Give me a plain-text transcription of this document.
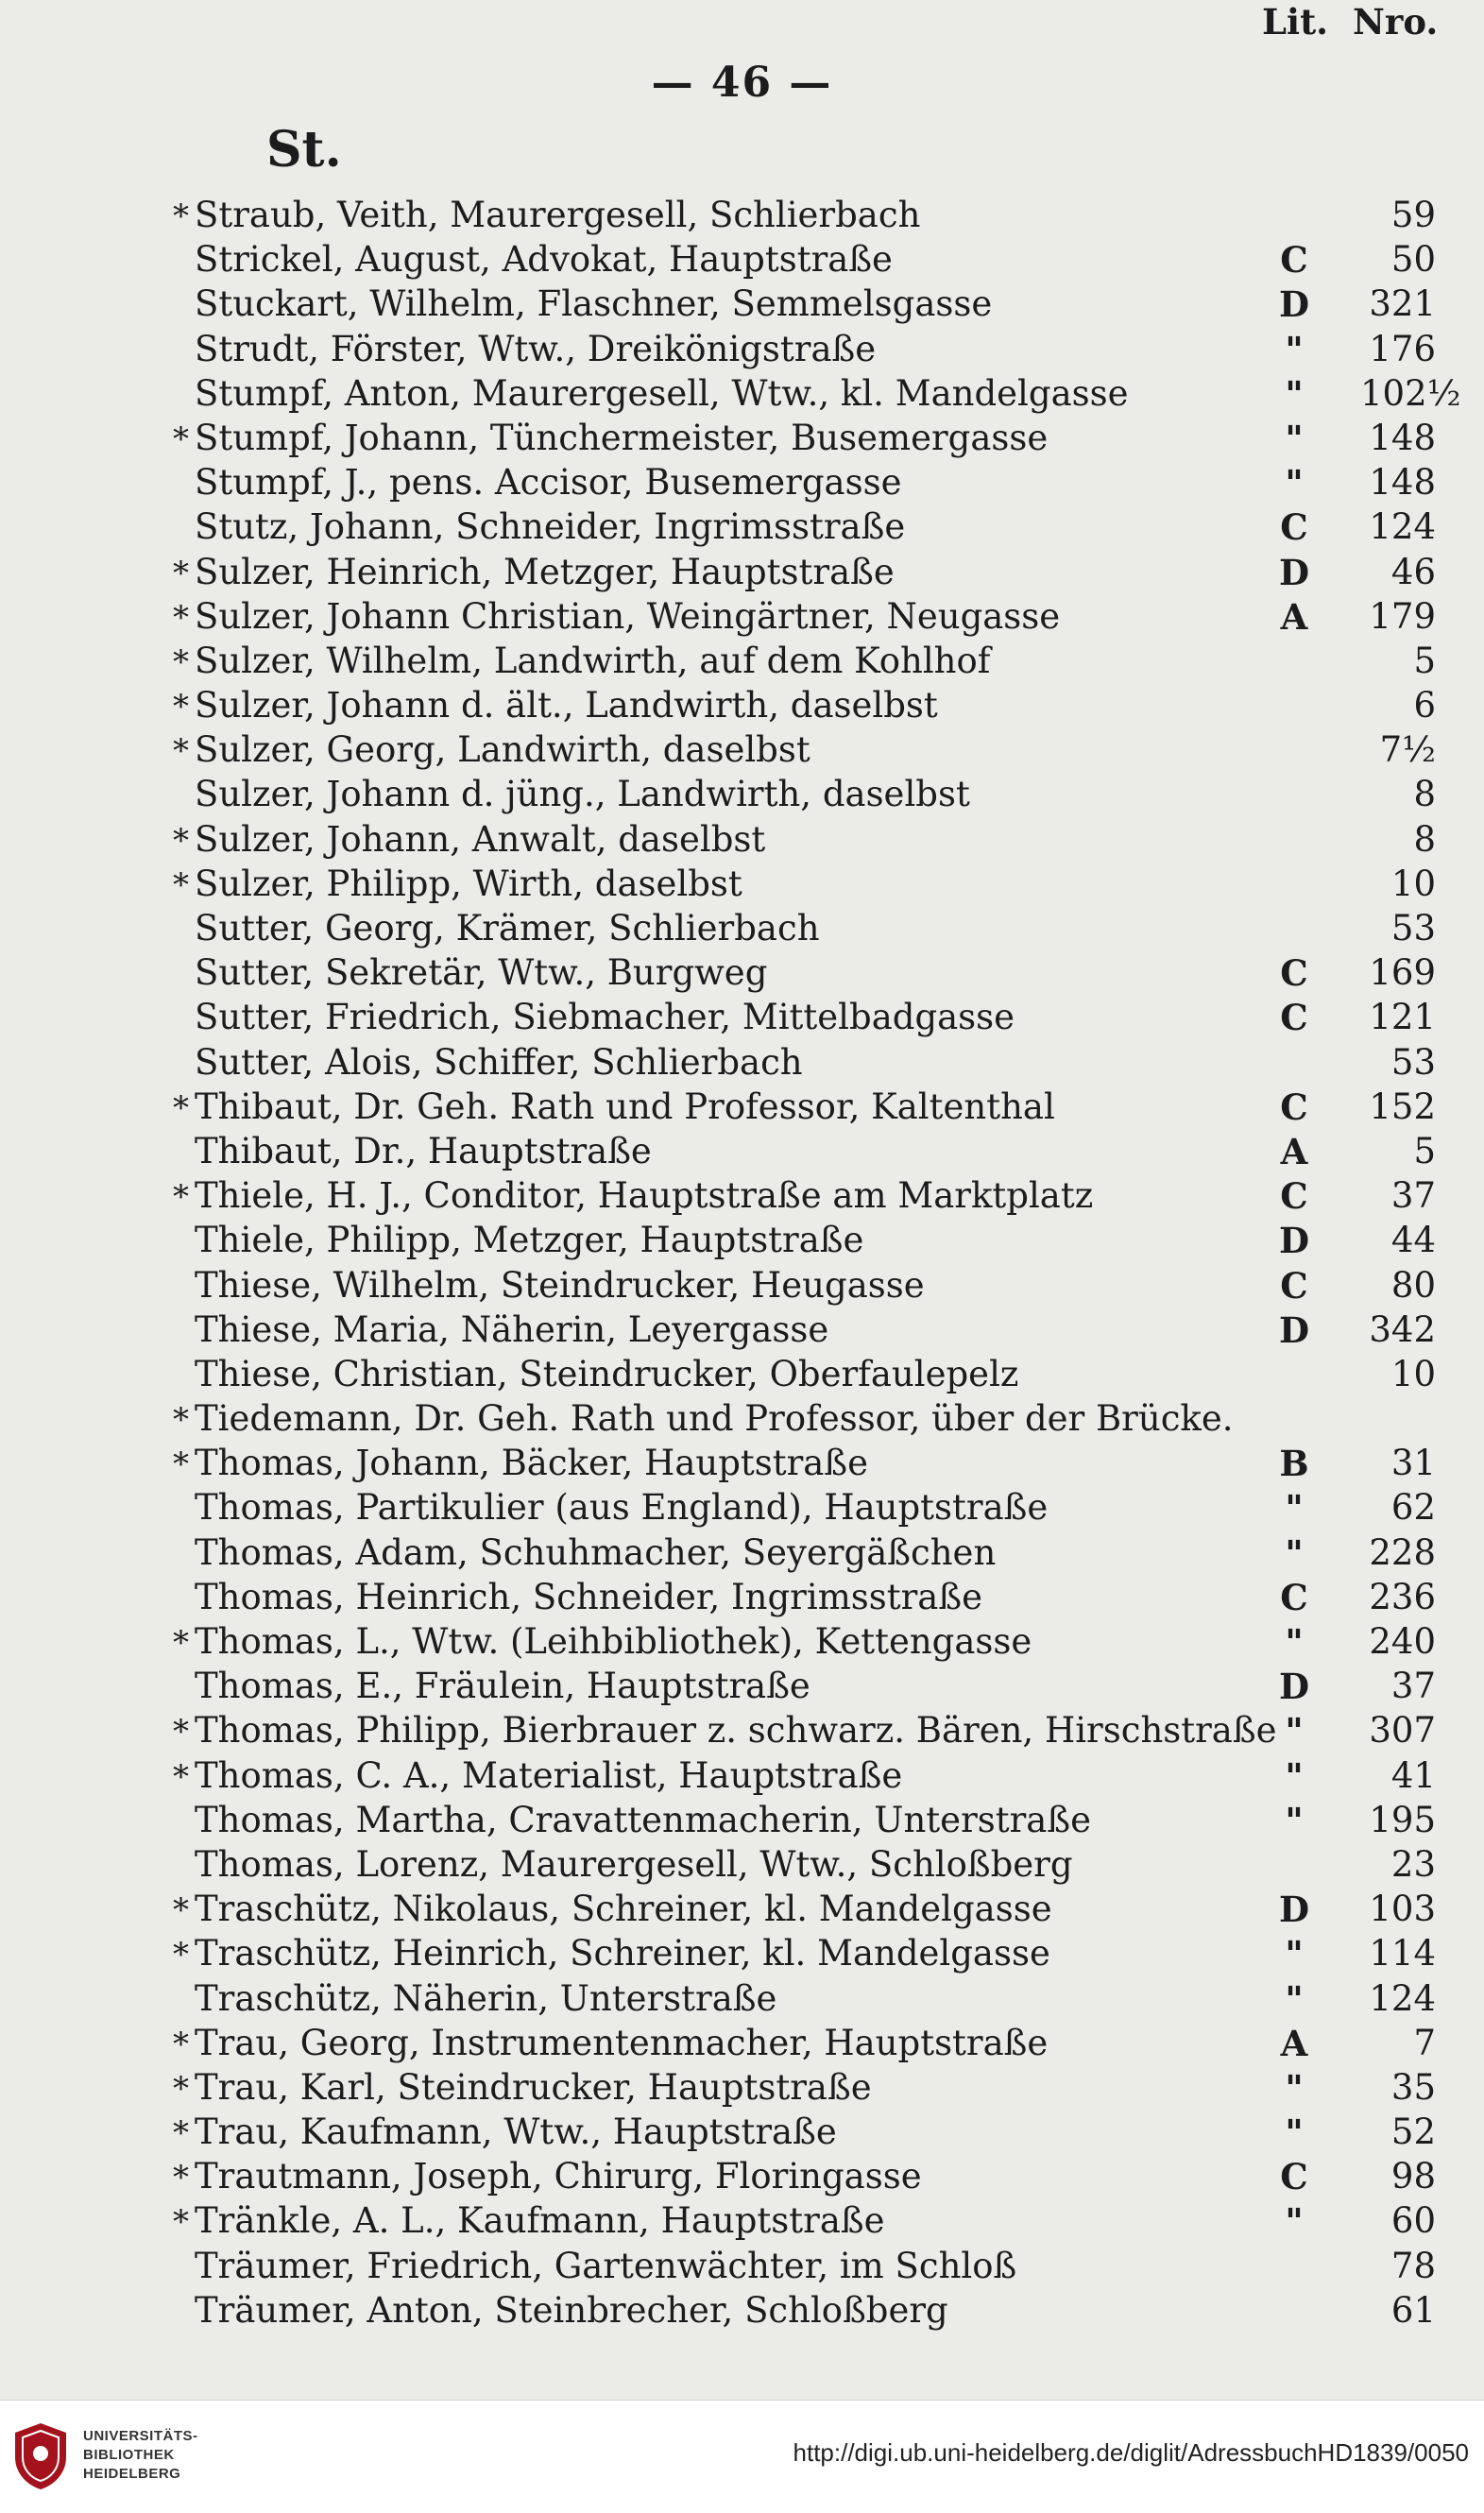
— 46 —
St.
Lit. Nro.
* Straub, Veith, Maurergesell, Schlierbach	59
Strickel, August, Advokat, Hauptstraße	C	50
Stuckart, Wilhelm, Flaschner, Semmelsgasse	D	321
Strudt, Förster, Wtw., Dreikönigstraße	"	176
Stumpf, Anton, Maurergesell, Wtw., kl. Mandelgasse	"	102½
* Stumpf, Johann, Tünchermeister, Busemergasse	"	148
Stumpf, J., pens. Accisor, Busemergasse	"	148
Stutz, Johann, Schneider, Ingrimsstraße	C	124
* Sulzer, Heinrich, Metzger, Hauptstraße	D	46
* Sulzer, Johann Christian, Weingärtner, Neugasse	A	179
* Sulzer, Wilhelm, Landwirth, auf dem Kohlhof	5
* Sulzer, Johann d. ält., Landwirth, daselbst	6
* Sulzer, Georg, Landwirth, daselbst	7½
Sulzer, Johann d. jüng., Landwirth, daselbst	8
* Sulzer, Johann, Anwalt, daselbst	8
* Sulzer, Philipp, Wirth, daselbst	10
Sutter, Georg, Krämer, Schlierbach	53
Sutter, Sekretär, Wtw., Burgweg	C	169
Sutter, Friedrich, Siebmacher, Mittelbadgasse	C	121
Sutter, Alois, Schiffer, Schlierbach	53
* Thibaut, Dr. Geh. Rath und Professor, Kaltenthal	C	152
Thibaut, Dr., Hauptstraße	A	5
* Thiele, H. J., Conditor, Hauptstraße am Marktplatz	C	37
Thiele, Philipp, Metzger, Hauptstraße	D	44
Thiese, Wilhelm, Steindrucker, Heugasse	C	80
Thiese, Maria, Näherin, Leyergasse	D	342
Thiese, Christian, Steindrucker, Oberfaulepelz	10
* Tiedemann, Dr. Geh. Rath und Professor, über der Brücke.
* Thomas, Johann, Bäcker, Hauptstraße	B	31
Thomas, Partikulier (aus England), Hauptstraße	"	62
Thomas, Adam, Schuhmacher, Seyergäßchen	"	228
Thomas, Heinrich, Schneider, Ingrimsstraße	C	236
* Thomas, L., Wtw. (Leihbibliothek), Kettengasse	"	240
Thomas, E., Fräulein, Hauptstraße	D	37
* Thomas, Philipp, Bierbrauer z. schwarz. Bären, Hirschstraße "	307
* Thomas, C. A., Materialist, Hauptstraße	"	41
Thomas, Martha, Cravattenmacherin, Unterstraße	"	195
Thomas, Lorenz, Maurergesell, Wtw., Schloßberg	23
* Traschütz, Nikolaus, Schreiner, kl. Mandelgasse	D	103
* Traschütz, Heinrich, Schreiner, kl. Mandelgasse	"	114
Traschütz, Näherin, Unterstraße	"	124
* Trau, Georg, Instrumentenmacher, Hauptstraße	A	7
* Trau, Karl, Steindrucker, Hauptstraße	"	35
* Trau, Kaufmann, Wtw., Hauptstraße	"	52
* Trautmann, Joseph, Chirurg, Floringasse	C	98
* Tränkle, A. L., Kaufmann, Hauptstraße	"	60
Träumer, Friedrich, Gartenwächter, im Schloß	78
Träumer, Anton, Steinbrecher, Schloßberg	61
UNIVERSITÄTS-
BIBLIOTHEK
HEIDELBERG
http://digi.ub.uni-heidelberg.de/diglit/AdressbuchHD1839/0050
